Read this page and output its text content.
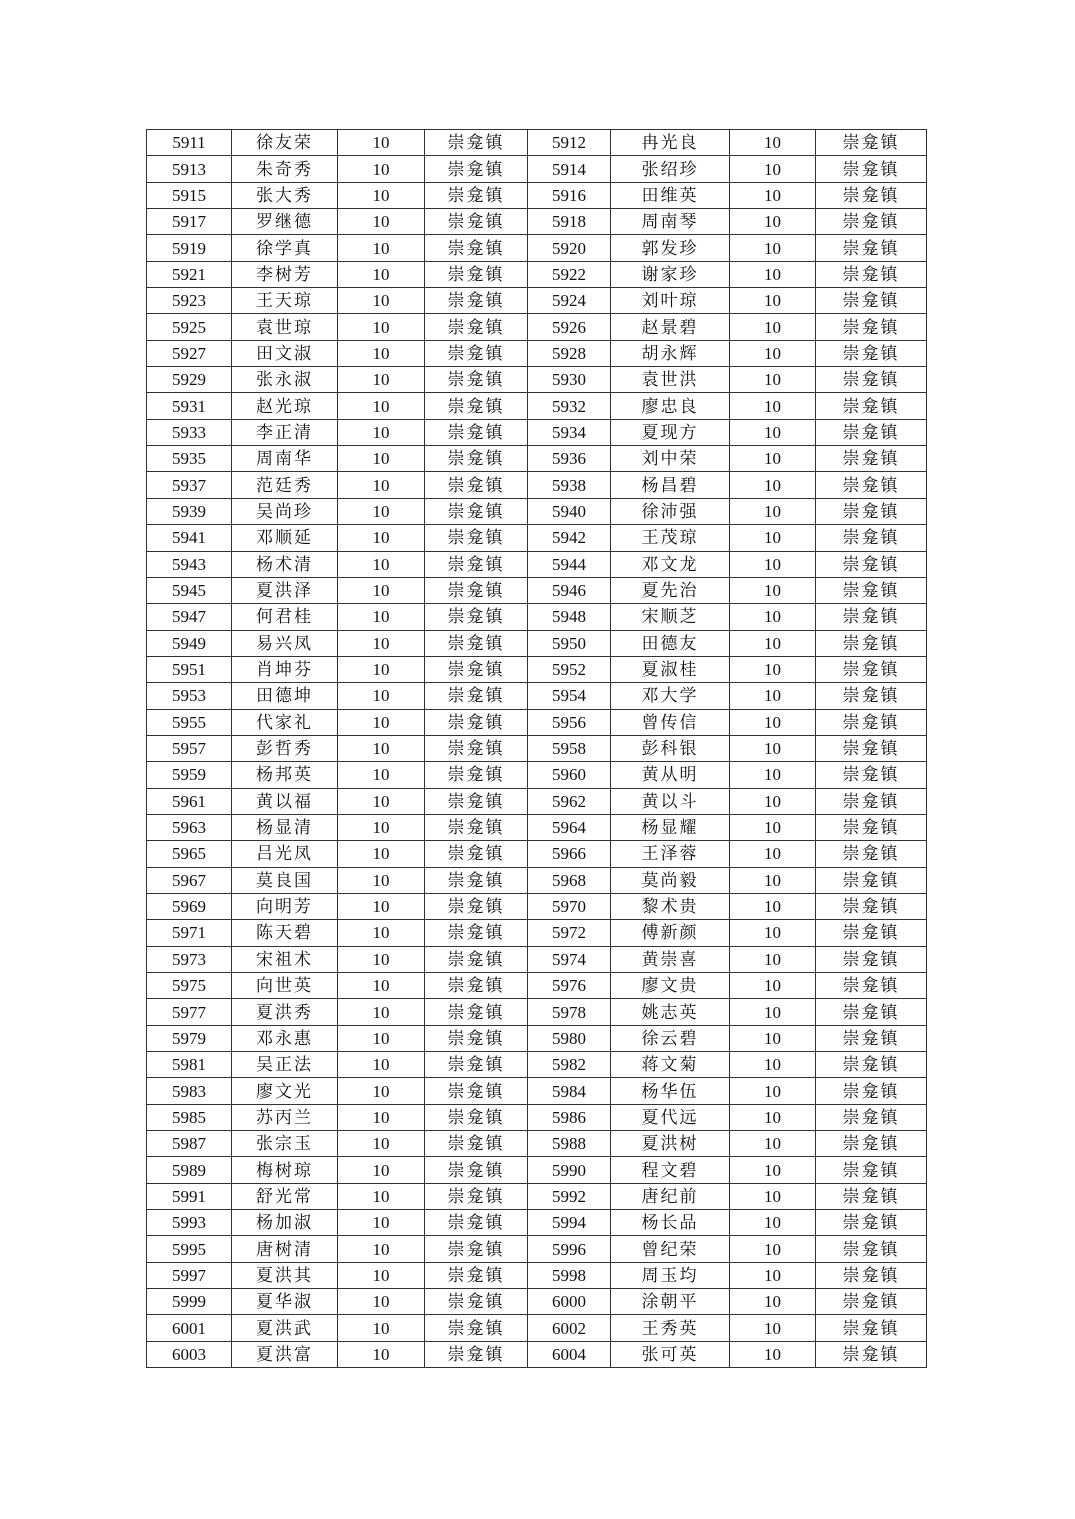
5911	徐友荣	10	崇龛镇	5912	冉光良	10	崇龛镇
5913	朱奇秀	10	崇龛镇	5914	张绍珍	10	崇龛镇
5915	张大秀	10	崇龛镇	5916	田维英	10	崇龛镇
5917	罗继德	10	崇龛镇	5918	周南琴	10	崇龛镇
5919	徐学真	10	崇龛镇	5920	郭发珍	10	崇龛镇
5921	李树芳	10	崇龛镇	5922	谢家珍	10	崇龛镇
5923	王天琼	10	崇龛镇	5924	刘叶琼	10	崇龛镇
5925	袁世琼	10	崇龛镇	5926	赵景碧	10	崇龛镇
5927	田文淑	10	崇龛镇	5928	胡永辉	10	崇龛镇
5929	张永淑	10	崇龛镇	5930	袁世洪	10	崇龛镇
5931	赵光琼	10	崇龛镇	5932	廖忠良	10	崇龛镇
5933	李正清	10	崇龛镇	5934	夏现方	10	崇龛镇
5935	周南华	10	崇龛镇	5936	刘中荣	10	崇龛镇
5937	范廷秀	10	崇龛镇	5938	杨昌碧	10	崇龛镇
5939	吴尚珍	10	崇龛镇	5940	徐沛强	10	崇龛镇
5941	邓顺延	10	崇龛镇	5942	王茂琼	10	崇龛镇
5943	杨术清	10	崇龛镇	5944	邓文龙	10	崇龛镇
5945	夏洪泽	10	崇龛镇	5946	夏先治	10	崇龛镇
5947	何君桂	10	崇龛镇	5948	宋顺芝	10	崇龛镇
5949	易兴凤	10	崇龛镇	5950	田德友	10	崇龛镇
5951	肖坤芬	10	崇龛镇	5952	夏淑桂	10	崇龛镇
5953	田德坤	10	崇龛镇	5954	邓大学	10	崇龛镇
5955	代家礼	10	崇龛镇	5956	曾传信	10	崇龛镇
5957	彭哲秀	10	崇龛镇	5958	彭科银	10	崇龛镇
5959	杨邦英	10	崇龛镇	5960	黄从明	10	崇龛镇
5961	黄以福	10	崇龛镇	5962	黄以斗	10	崇龛镇
5963	杨显清	10	崇龛镇	5964	杨显耀	10	崇龛镇
5965	吕光凤	10	崇龛镇	5966	王泽蓉	10	崇龛镇
5967	莫良国	10	崇龛镇	5968	莫尚毅	10	崇龛镇
5969	向明芳	10	崇龛镇	5970	黎术贵	10	崇龛镇
5971	陈天碧	10	崇龛镇	5972	傅新颜	10	崇龛镇
5973	宋祖术	10	崇龛镇	5974	黄崇喜	10	崇龛镇
5975	向世英	10	崇龛镇	5976	廖文贵	10	崇龛镇
5977	夏洪秀	10	崇龛镇	5978	姚志英	10	崇龛镇
5979	邓永惠	10	崇龛镇	5980	徐云碧	10	崇龛镇
5981	吴正法	10	崇龛镇	5982	蒋文菊	10	崇龛镇
5983	廖文光	10	崇龛镇	5984	杨华伍	10	崇龛镇
5985	苏丙兰	10	崇龛镇	5986	夏代远	10	崇龛镇
5987	张宗玉	10	崇龛镇	5988	夏洪树	10	崇龛镇
5989	梅树琼	10	崇龛镇	5990	程文碧	10	崇龛镇
5991	舒光常	10	崇龛镇	5992	唐纪前	10	崇龛镇
5993	杨加淑	10	崇龛镇	5994	杨长品	10	崇龛镇
5995	唐树清	10	崇龛镇	5996	曾纪荣	10	崇龛镇
5997	夏洪其	10	崇龛镇	5998	周玉均	10	崇龛镇
5999	夏华淑	10	崇龛镇	6000	涂朝平	10	崇龛镇
6001	夏洪武	10	崇龛镇	6002	王秀英	10	崇龛镇
6003	夏洪富	10	崇龛镇	6004	张可英	10	崇龛镇
